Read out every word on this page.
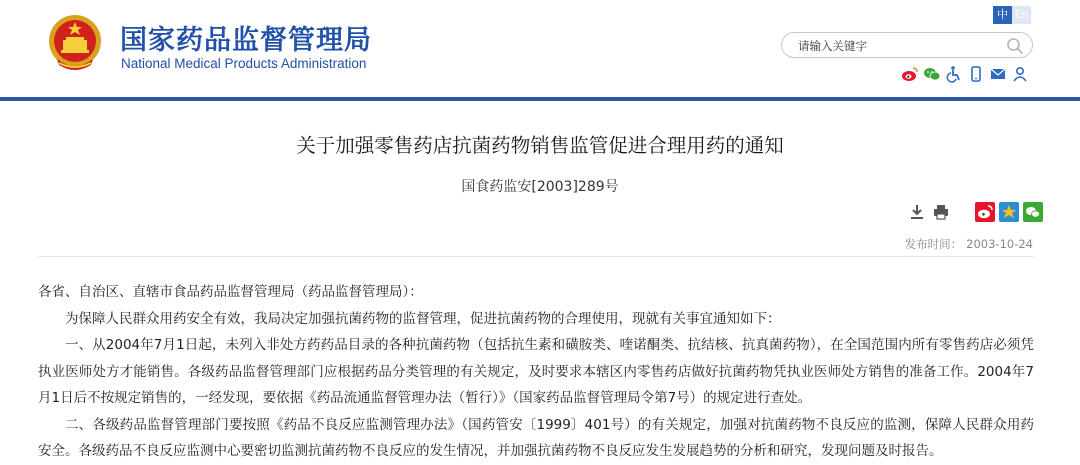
国家药品监督管理局
National Medical Products Administration
中 En
请输入关键字
关于加强零售药店抗菌药物销售监管促进合理用药的通知
国食药监安[2003]289号
发布时间： 2003-10-24

各省、自治区、直辖市食品药品监督管理局（药品监督管理局）：

为保障人民群众用药安全有效，我局决定加强抗菌药物的监督管理，促进抗菌药物的合理使用，现就有关事宜通知如下：

一、从2004年7月1日起，未列入非处方药药品目录的各种抗菌药物（包括抗生素和磺胺类、喹诺酮类、抗结核、抗真菌药物），在全国范围内所有零售药店必须凭执业医师处方才能销售。各级药品监督管理部门应根据药品分类管理的有关规定，及时要求本辖区内零售药店做好抗菌药物凭执业医师处方销售的准备工作。2004年7月1日后不按规定销售的，一经发现，要依据《药品流通监督管理办法（暂行）》（国家药品监督管理局令第7号）的规定进行查处。

二、各级药品监督管理部门要按照《药品不良反应监测管理办法》（国药管安〔1999〕401号）的有关规定，加强对抗菌药物不良反应的监测，保障人民群众用药安全。各级药品不良反应监测中心要密切监测抗菌药物不良反应的发生情况，并加强抗菌药物不良反应发生发展趋势的分析和研究，发现问题及时报告。
